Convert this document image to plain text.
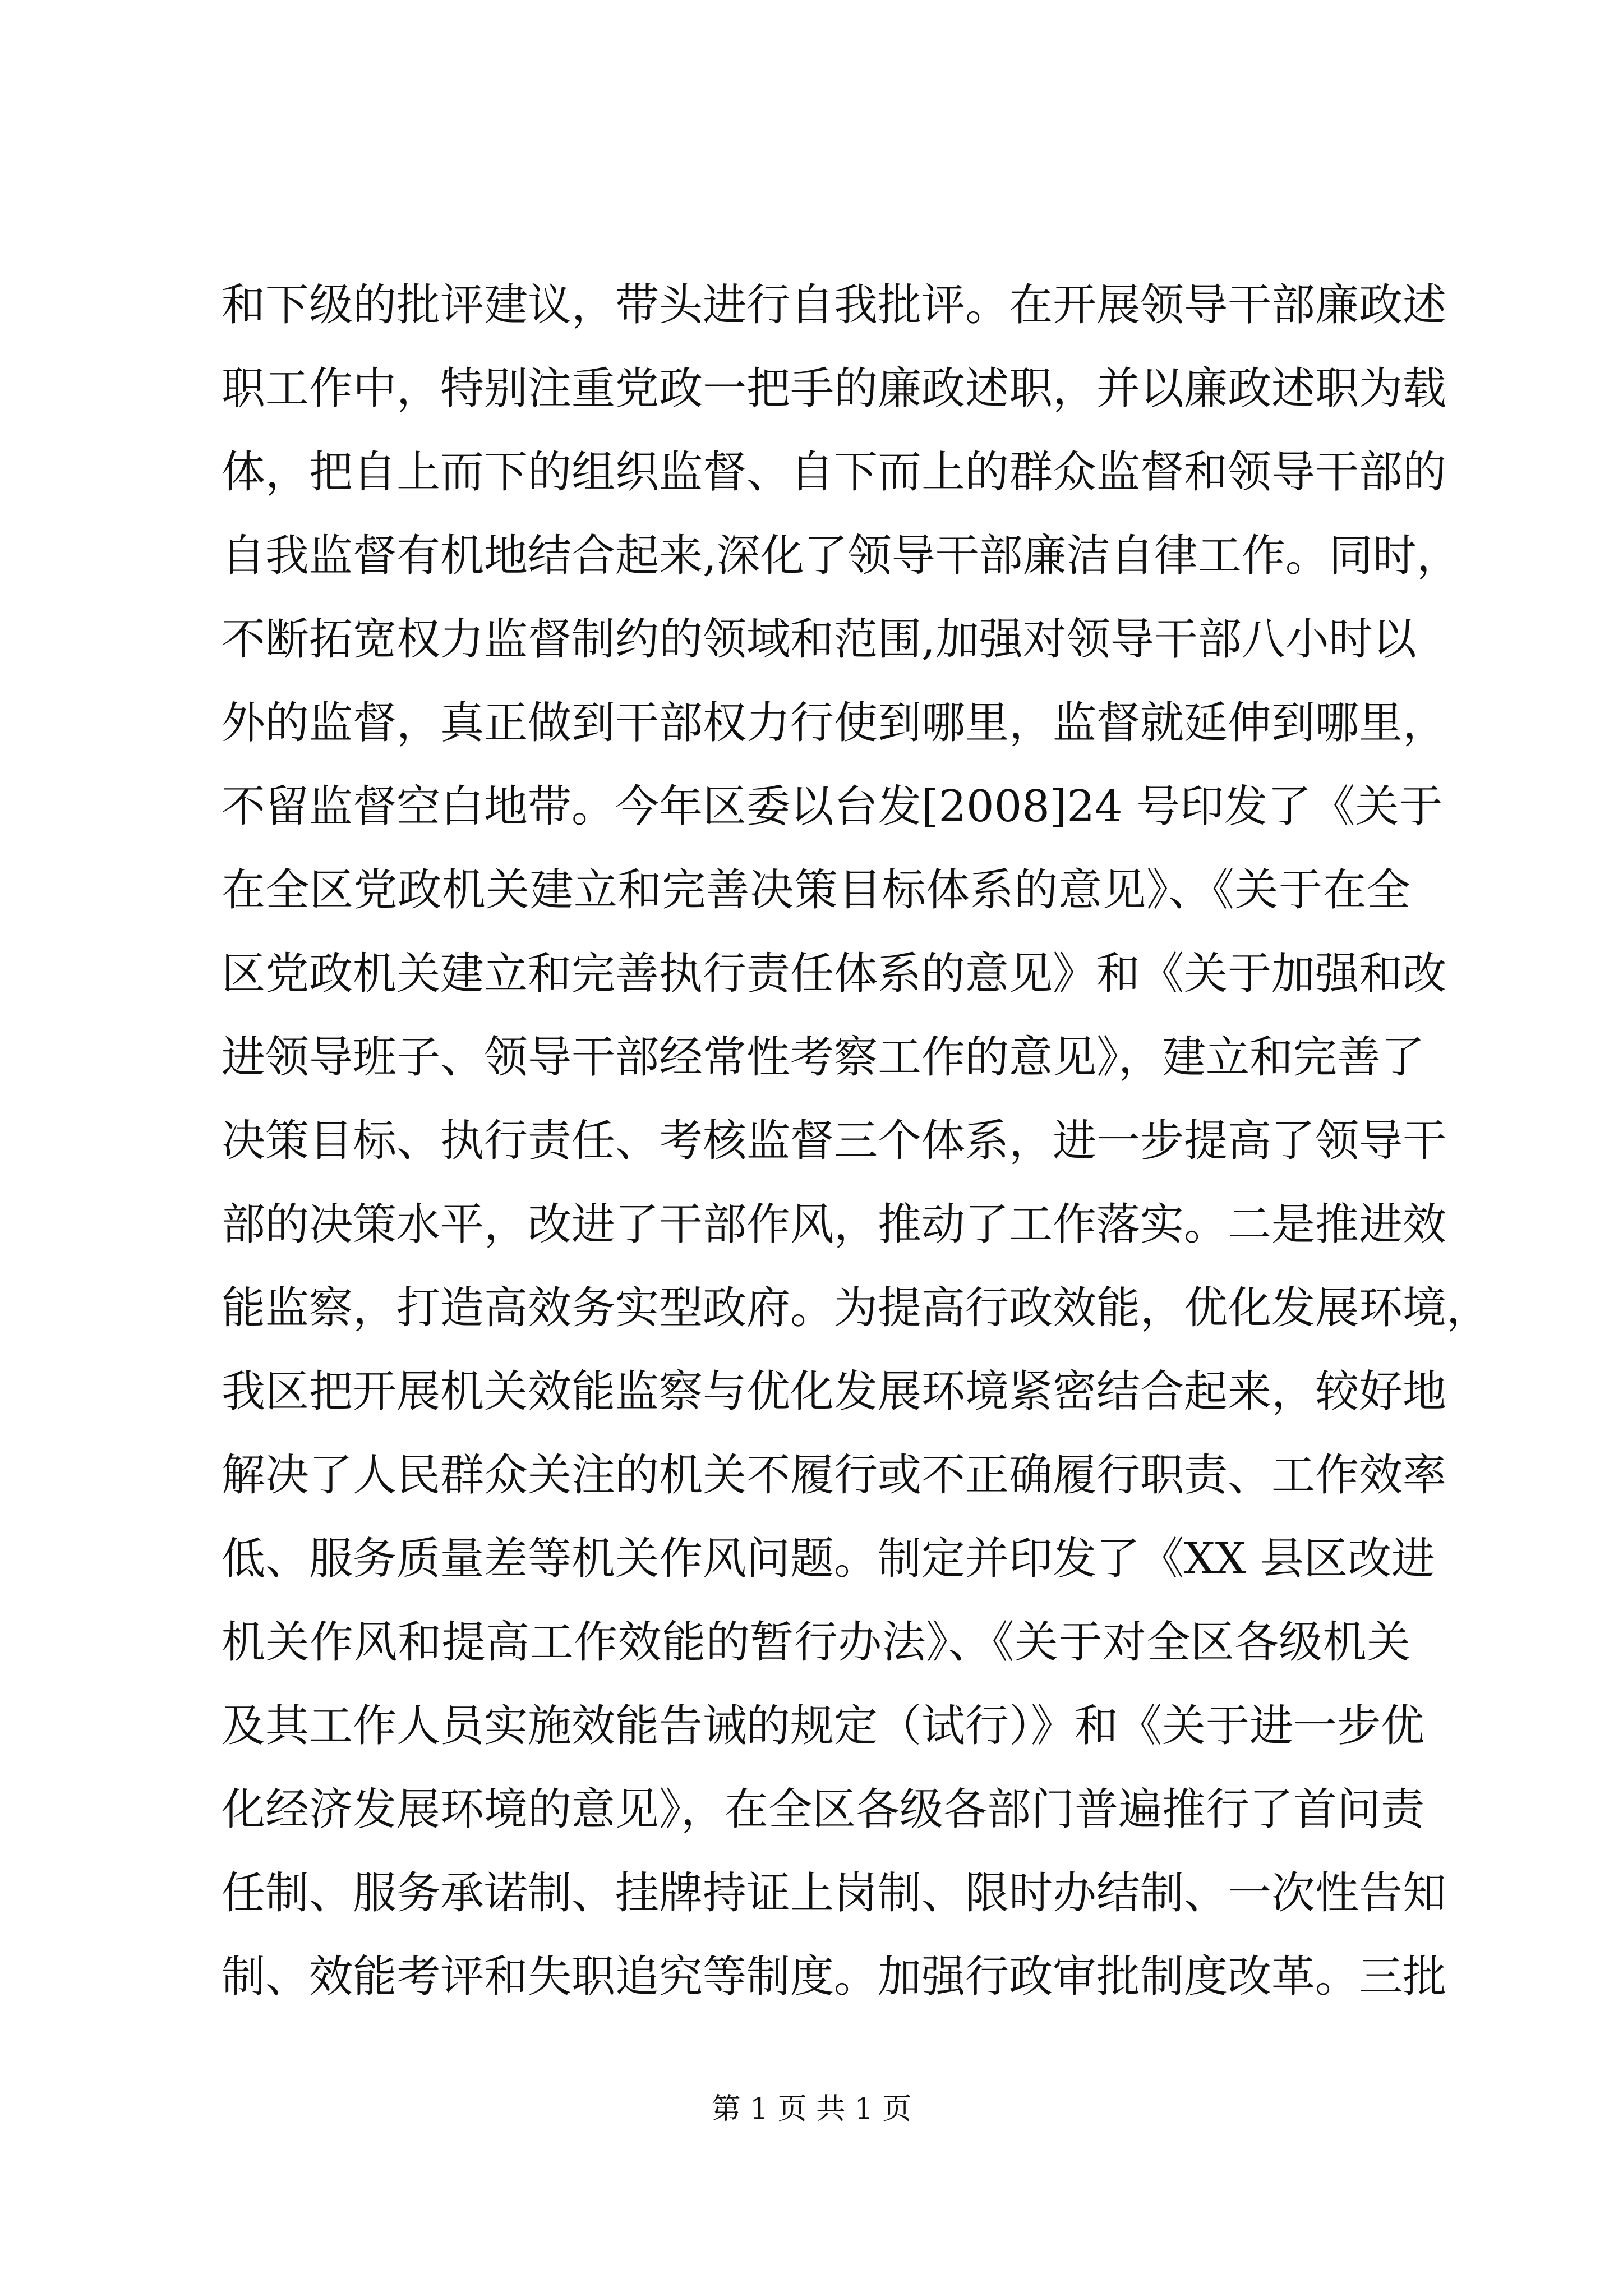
和下级的批评建议，带头进行自我批评。在开展领导干部廉政述
职工作中，特别注重党政一把手的廉政述职，并以廉政述职为载
体，把自上而下的组织监督、自下而上的群众监督和领导干部的
自我监督有机地结合起来,深化了领导干部廉洁自律工作。同时，
不断拓宽权力监督制约的领域和范围,加强对领导干部八小时以
外的监督，真正做到干部权力行使到哪里，监督就延伸到哪里，
不留监督空白地带。今年区委以台发[2008]24 号印发了《关于
在全区党政机关建立和完善决策目标体系的意见》、《关于在全
区党政机关建立和完善执行责任体系的意见》和《关于加强和改
进领导班子、领导干部经常性考察工作的意见》，建立和完善了
决策目标、执行责任、考核监督三个体系，进一步提高了领导干
部的决策水平，改进了干部作风，推动了工作落实。二是推进效
能监察，打造高效务实型政府。为提高行政效能，优化发展环境，
我区把开展机关效能监察与优化发展环境紧密结合起来，较好地
解决了人民群众关注的机关不履行或不正确履行职责、工作效率
低、服务质量差等机关作风问题。制定并印发了《XX 县区改进
机关作风和提高工作效能的暂行办法》、《关于对全区各级机关
及其工作人员实施效能告诫的规定（试行）》和《关于进一步优
化经济发展环境的意见》，在全区各级各部门普遍推行了首问责
任制、服务承诺制、挂牌持证上岗制、限时办结制、一次性告知
制、效能考评和失职追究等制度。加强行政审批制度改革。三批
第 1 页 共 1 页
